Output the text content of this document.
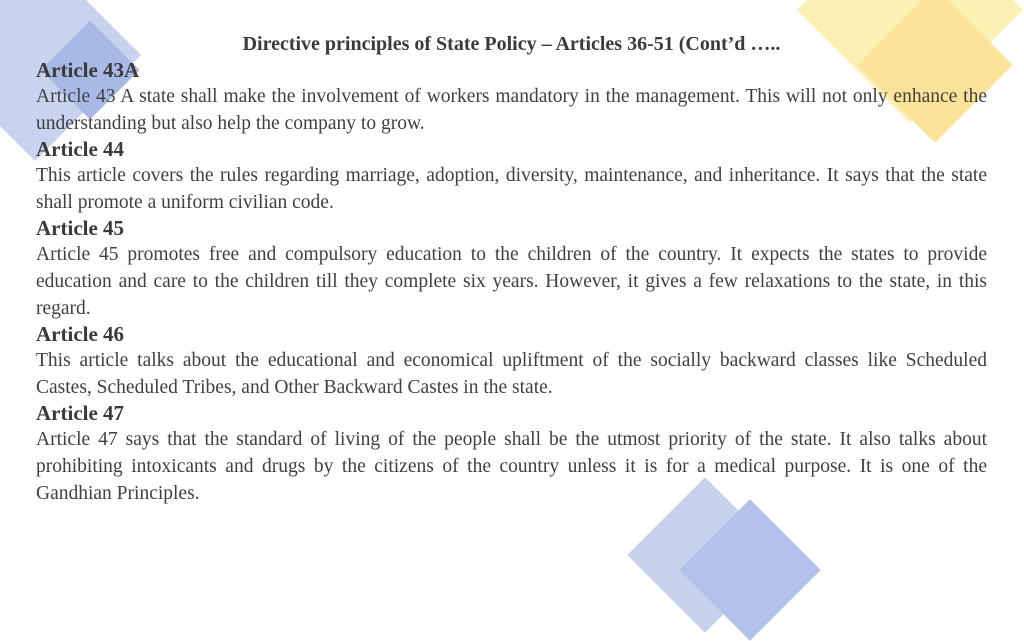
Directive principles of State Policy – Articles 36-51 (Cont’d …..

Article 43A

Article 43 A state shall make the involvement of workers mandatory in the management. This will not only enhance the understanding but also help the company to grow.

Article 44

This article covers the rules regarding marriage, adoption, diversity, maintenance, and inheritance. It says that the state shall promote a uniform civilian code.

Article 45

Article 45 promotes free and compulsory education to the children of the country. It expects the states to provide education and care to the children till they complete six years. However, it gives a few relaxations to the state, in this regard.

Article 46

This article talks about the educational and economical upliftment of the socially backward classes like Scheduled Castes, Scheduled Tribes, and Other Backward Castes in the state.

Article 47

Article 47 says that the standard of living of the people shall be the utmost priority of the state. It also talks about prohibiting intoxicants and drugs by the citizens of the country unless it is for a medical purpose. It is one of the Gandhian Principles.
